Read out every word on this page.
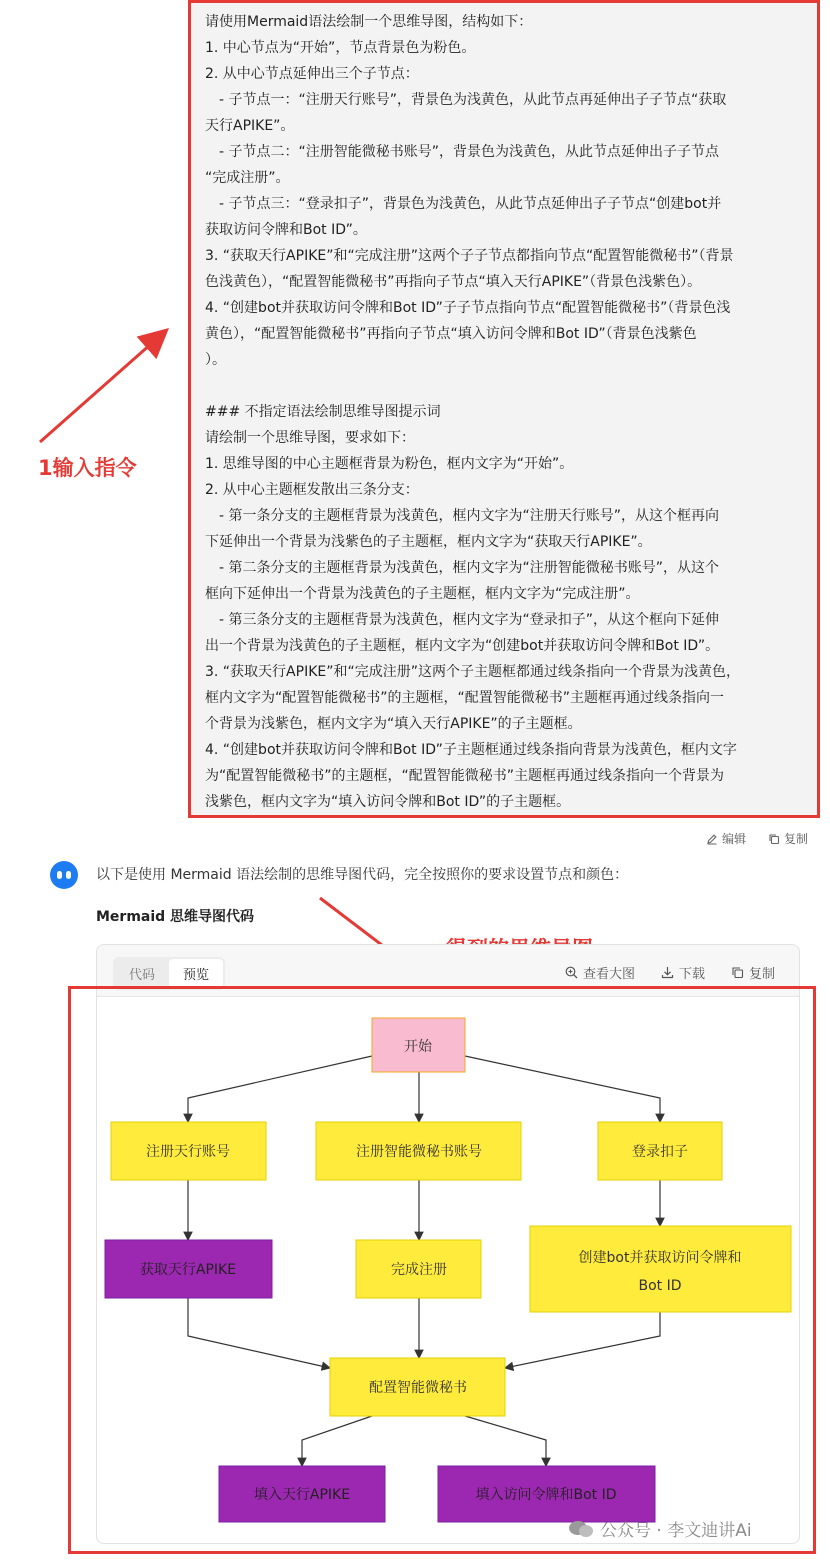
请使用Mermaid语法绘制一个思维导图，结构如下：
1. 中心节点为“开始”，节点背景色为粉色。
2. 从中心节点延伸出三个子节点：
- 子节点一：“注册天行账号”，背景色为浅黄色，从此节点再延伸出子子节点“获取
天行APIKE”。
- 子节点二：“注册智能微秘书账号”，背景色为浅黄色，从此节点延伸出子子节点
“完成注册”。
- 子节点三：“登录扣子”，背景色为浅黄色，从此节点延伸出子子节点“创建bot并
获取访问令牌和Bot ID”。
3. “获取天行APIKE”和“完成注册”这两个子子节点都指向节点“配置智能微秘书”（背景
色浅黄色），“配置智能微秘书”再指向子节点“填入天行APIKE”（背景色浅紫色）。
4. “创建bot并获取访问令牌和Bot ID”子子节点指向节点“配置智能微秘书”（背景色浅
黄色），“配置智能微秘书”再指向子节点“填入访问令牌和Bot ID”（背景色浅紫色
）。
### 不指定语法绘制思维导图提示词
请绘制一个思维导图，要求如下：
1. 思维导图的中心主题框背景为粉色，框内文字为“开始”。
2. 从中心主题框发散出三条分支：
- 第一条分支的主题框背景为浅黄色，框内文字为“注册天行账号”，从这个框再向
下延伸出一个背景为浅紫色的子主题框，框内文字为“获取天行APIKE”。
- 第二条分支的主题框背景为浅黄色，框内文字为“注册智能微秘书账号”，从这个
框向下延伸出一个背景为浅黄色的子主题框，框内文字为“完成注册”。
- 第三条分支的主题框背景为浅黄色，框内文字为“登录扣子”，从这个框向下延伸
出一个背景为浅黄色的子主题框，框内文字为“创建bot并获取访问令牌和Bot ID”。
3. “获取天行APIKE”和“完成注册”这两个子主题框都通过线条指向一个背景为浅黄色，
框内文字为“配置智能微秘书”的主题框，“配置智能微秘书”主题框再通过线条指向一
个背景为浅紫色，框内文字为“填入天行APIKE”的子主题框。
4. “创建bot并获取访问令牌和Bot ID”子主题框通过线条指向背景为浅黄色，框内文字
为“配置智能微秘书”的主题框，“配置智能微秘书”主题框再通过线条指向一个背景为
浅紫色，框内文字为“填入访问令牌和Bot ID”的子主题框。
1输入指令
编辑	复制
以下是使用 Mermaid 语法绘制的思维导图代码，完全按照你的要求设置节点和颜色：
Mermaid 思维导图代码
代码	预览	查看大图	下载	复制
开始
注册天行账号	注册智能微秘书账号	登录扣子
获取天行APIKE	完成注册
创建bot并获取访问令牌和
Bot ID
配置智能微秘书
填入天行APIKE	填入访问令牌和Bot ID
公众号 · 李文迪讲Ai
